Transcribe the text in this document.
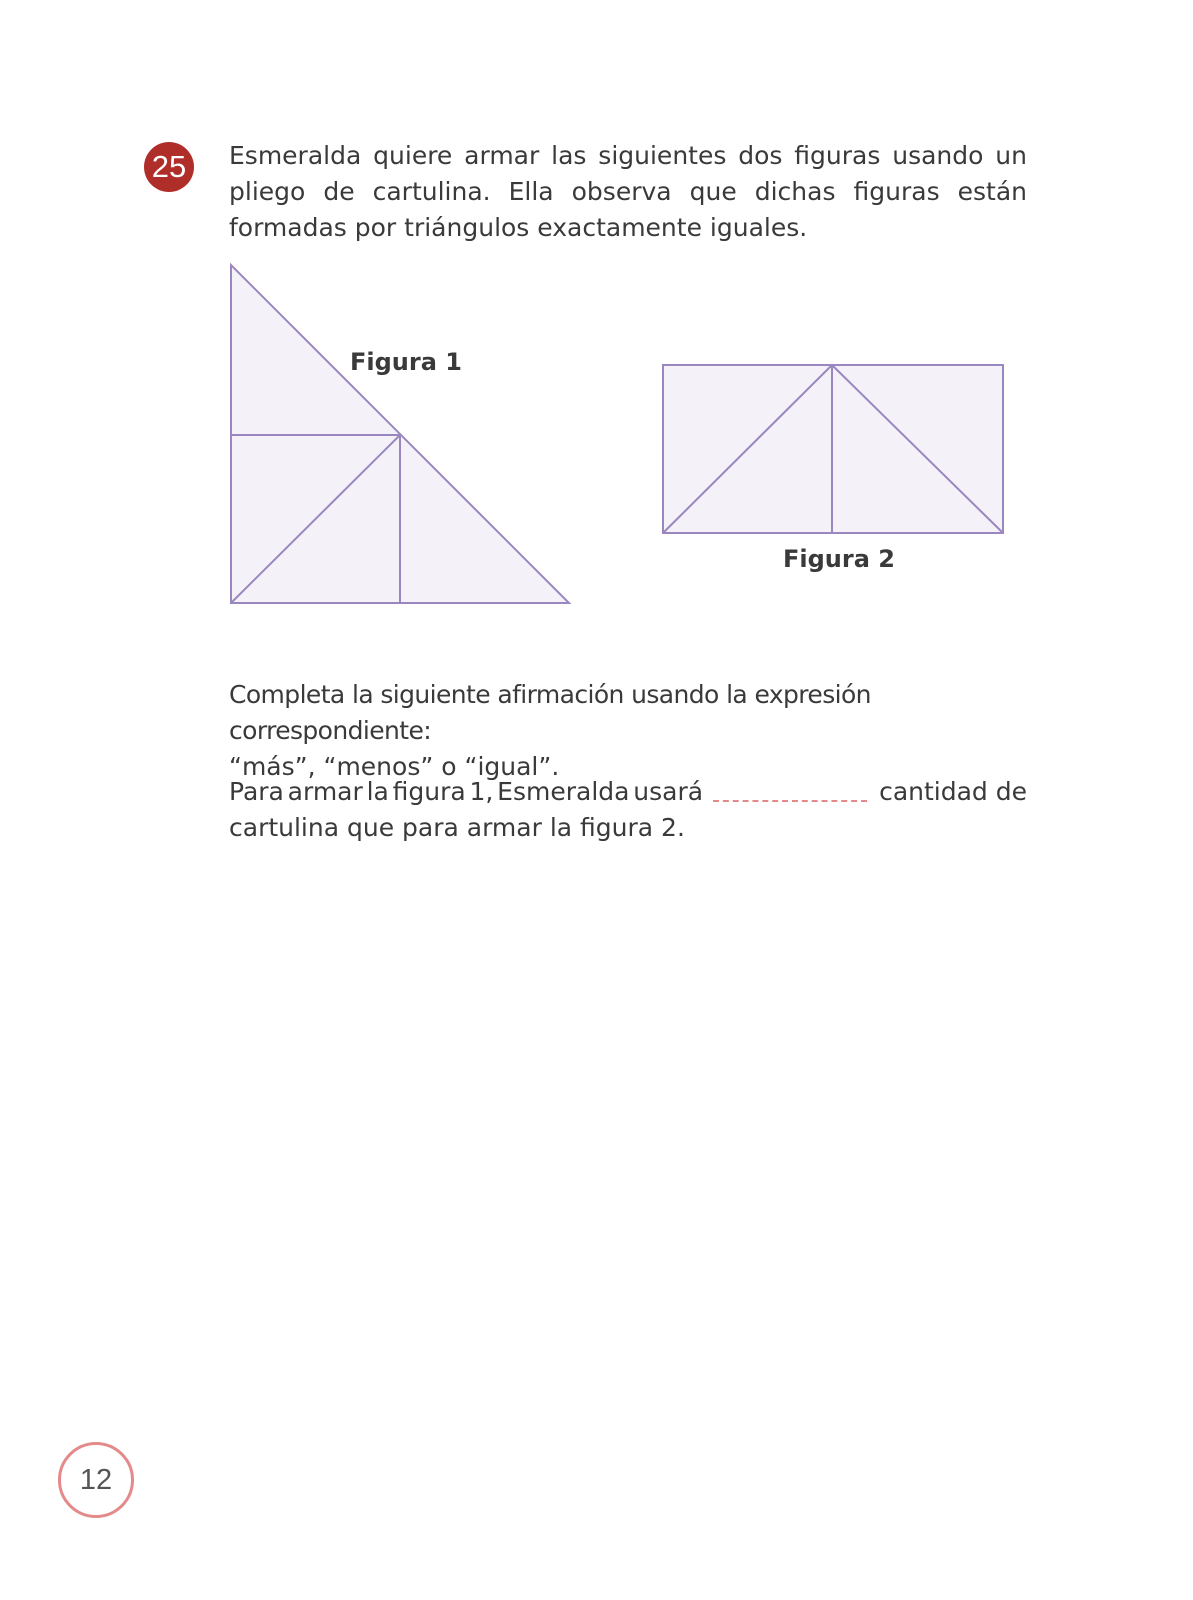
25	Esmeralda quiere armar las siguientes dos figuras usando un pliego de cartulina. Ella observa que dichas figuras están formadas por triángulos exactamente iguales.
Figura 1
Figura 2
Completa la siguiente afirmación usando la expresión correspondiente:
“más”, “menos” o “igual”.
Para armar la figura 1, Esmeralda usará	cantidad de
cartulina que para armar la figura 2.
12
